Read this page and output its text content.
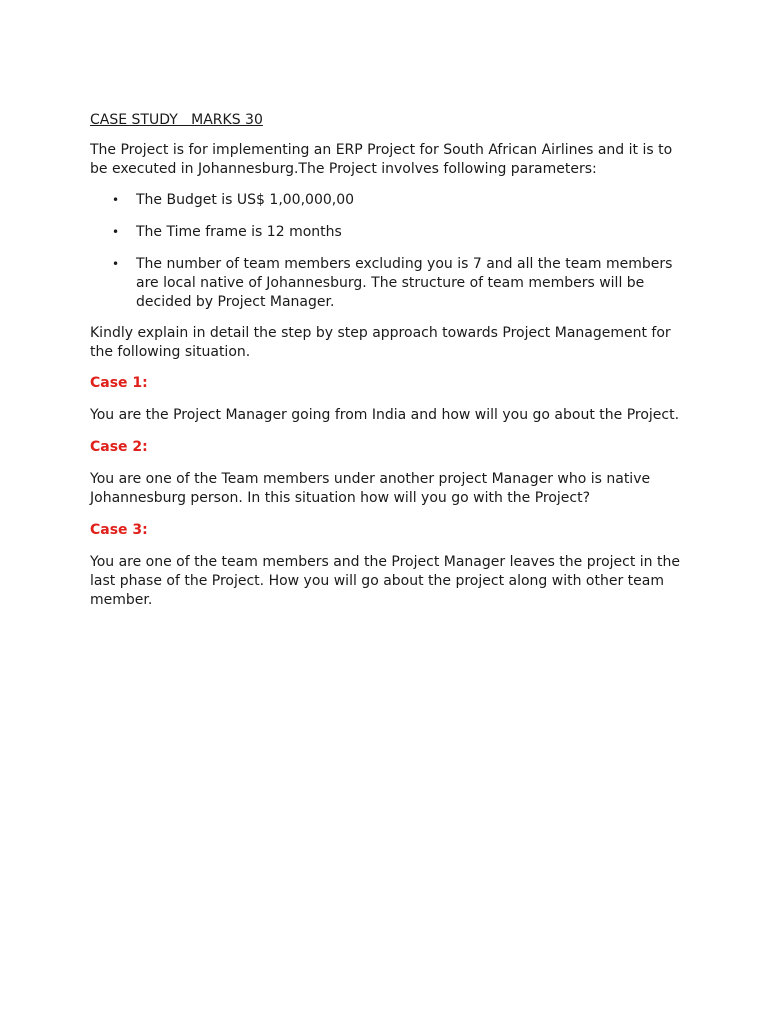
CASE STUDY   MARKS 30

The Project is for implementing an ERP Project for South African Airlines and it is to be executed in Johannesburg.The Project involves following parameters:

• The Budget is US$ 1,00,000,00
• The Time frame is 12 months
• The number of team members excluding you is 7 and all the team members are local native of Johannesburg. The structure of team members will be decided by Project Manager.

Kindly explain in detail the step by step approach towards Project Management for the following situation.

Case 1:

You are the Project Manager going from India and how will you go about the Project.

Case 2:

You are one of the Team members under another project Manager who is native Johannesburg person. In this situation how will you go with the Project?

Case 3:

You are one of the team members and the Project Manager leaves the project in the last phase of the Project. How you will go about the project along with other team member.
